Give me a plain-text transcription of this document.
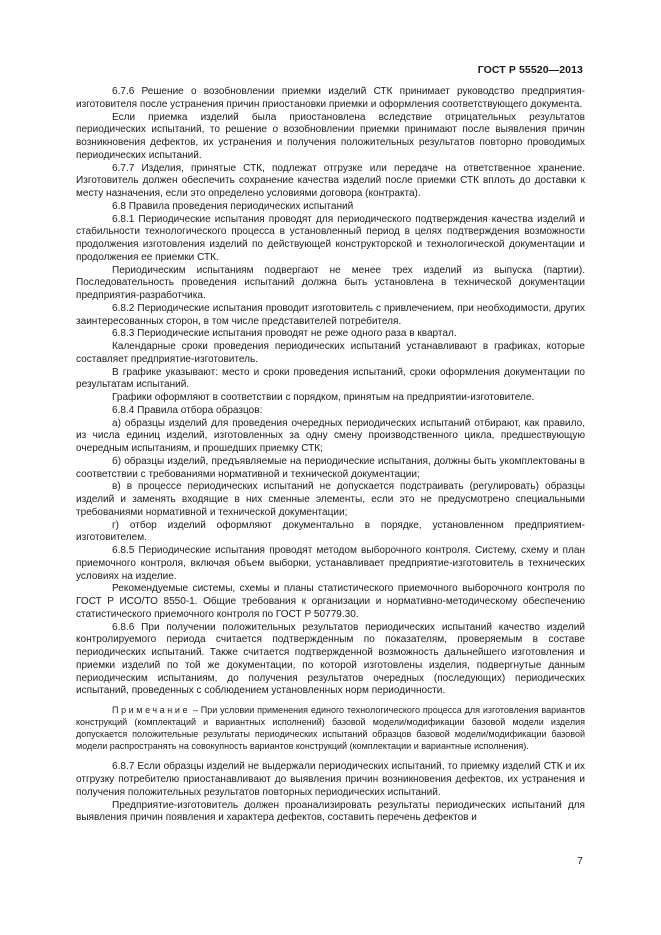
ГОСТ Р 55520—2013

6.7.6 Решение о возобновлении приемки изделий СТК принимает руководство предприятия-изготовителя после устранения причин приостановки приемки и оформления соответствующего документа.

Если приемка изделий была приостановлена вследствие отрицательных результатов периодических испытаний, то решение о возобновлении приемки принимают после выявления причин возникновения дефектов, их устранения и получения положительных результатов повторно проводимых периодических испытаний.

6.7.7 Изделия, принятые СТК, подлежат отгрузке или передаче на ответственное хранение. Изготовитель должен обеспечить сохранение качества изделий после приемки СТК вплоть до доставки к месту назначения, если это определено условиями договора (контракта).

6.8 Правила проведения периодических испытаний

6.8.1 Периодические испытания проводят для периодического подтверждения качества изделий и стабильности технологического процесса в установленный период в целях подтверждения возможности продолжения изготовления изделий по действующей конструкторской и технологической документации и продолжения ее приемки СТК.

Периодическим испытаниям подвергают не менее трех изделий из выпуска (партии). Последовательность проведения испытаний должна быть установлена в технической документации предприятия-разработчика.

6.8.2 Периодические испытания проводит изготовитель с привлечением, при необходимости, других заинтересованных сторон, в том числе представителей потребителя.

6.8.3 Периодические испытания проводят не реже одного раза в квартал.

Календарные сроки проведения периодических испытаний устанавливают в графиках, которые составляет предприятие-изготовитель.

В графике указывают: место и сроки проведения испытаний, сроки оформления документации по результатам испытаний.

Графики оформляют в соответствии с порядком, принятым на предприятии-изготовителе.

6.8.4 Правила отбора образцов:

а) образцы изделий для проведения очередных периодических испытаний отбирают, как правило, из числа единиц изделий, изготовленных за одну смену производственного цикла, предшествующую очередным испытаниям, и прошедших приемку СТК;

б) образцы изделий, предъявляемые на периодические испытания, должны быть укомплектованы в соответствии с требованиями нормативной и технической документации;

в) в процессе периодических испытаний не допускается подстраивать (регулировать) образцы изделий и заменять входящие в них сменные элементы, если это не предусмотрено специальными требованиями нормативной и технической документации;

г) отбор изделий оформляют документально в порядке, установленном предприятием-изготовителем.

6.8.5 Периодические испытания проводят методом выборочного контроля. Систему, схему и план приемочного контроля, включая объем выборки, устанавливает предприятие-изготовитель в технических условиях на изделие.

Рекомендуемые системы, схемы и планы статистического приемочного выборочного контроля по ГОСТ Р ИСО/ТО 8550-1. Общие требования к организации и нормативно-методическому обеспечению статистического приемочного контроля по ГОСТ Р 50779.30.

6.8.6 При получении положительных результатов периодических испытаний качество изделий контролируемого периода считается подтвержденным по показателям, проверяемым в составе периодических испытаний. Также считается подтвержденной возможность дальнейшего изготовления и приемки изделий по той же документации, по которой изготовлены изделия, подвергнутые данным периодическим испытаниям, до получения результатов очередных (последующих) периодических испытаний, проведенных с соблюдением установленных норм периодичности.

Примечание – При условии применения единого технологического процесса для изготовления вариантов конструкций (комплектаций и вариантных исполнений) базовой модели/модификации базовой модели изделия допускается положительные результаты периодических испытаний образцов базовой модели/модификации базовой модели распространять на совокупность вариантов конструкций (комплектации и вариантные исполнения).

6.8.7 Если образцы изделий не выдержали периодических испытаний, то приемку изделий СТК и их отгрузку потребителю приостанавливают до выявления причин возникновения дефектов, их устранения и получения положительных результатов повторных периодических испытаний.

Предприятие-изготовитель должен проанализировать результаты периодических испытаний для выявления причин появления и характера дефектов, составить перечень дефектов и

7
